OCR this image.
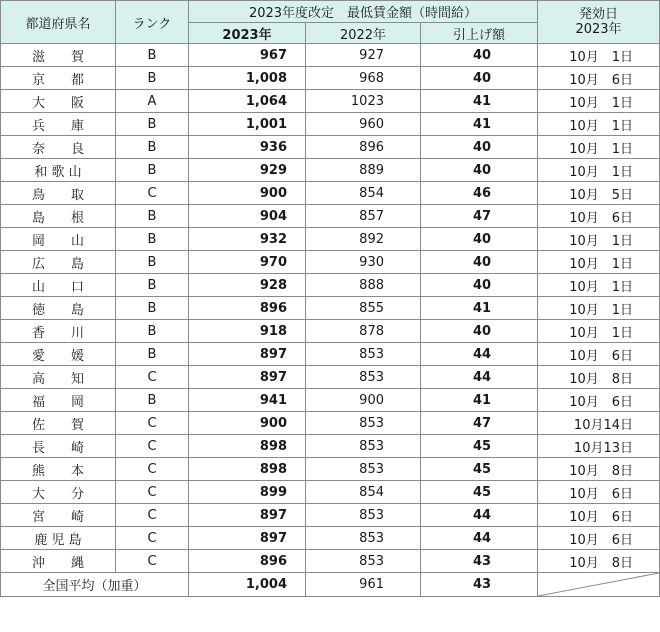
都道府県名	ランク	2023年度改定　最低賃金額（時間給）			発効日
2023年

		2023年	2022年	引上げ額	
滋　　賀	B	967	927	40	10月　1日
京　　都	B	1,008	968	40	10月　6日
大　　阪	A	1,064	1023	41	10月　1日
兵　　庫	B	1,001	960	41	10月　1日
奈　　良	B	936	896	40	10月　1日
和 歌 山	B	929	889	40	10月　1日
鳥　　取	C	900	854	46	10月　5日
島　　根	B	904	857	47	10月　6日
岡　　山	B	932	892	40	10月　1日
広　　島	B	970	930	40	10月　1日
山　　口	B	928	888	40	10月　1日
徳　　島	B	896	855	41	10月　1日
香　　川	B	918	878	40	10月　1日
愛　　媛	B	897	853	44	10月　6日
高　　知	C	897	853	44	10月　8日
福　　岡	B	941	900	41	10月　6日
佐　　賀	C	900	853	47	10月14日
長　　崎	C	898	853	45	10月13日
熊　　本	C	898	853	45	10月　8日
大　　分	C	899	854	45	10月　6日
宮　　崎	C	897	853	44	10月　6日
鹿 児 島	C	897	853	44	10月　6日
沖　　縄	C	896	853	43	10月　8日
全国平均（加重）		1,004	961	43	
